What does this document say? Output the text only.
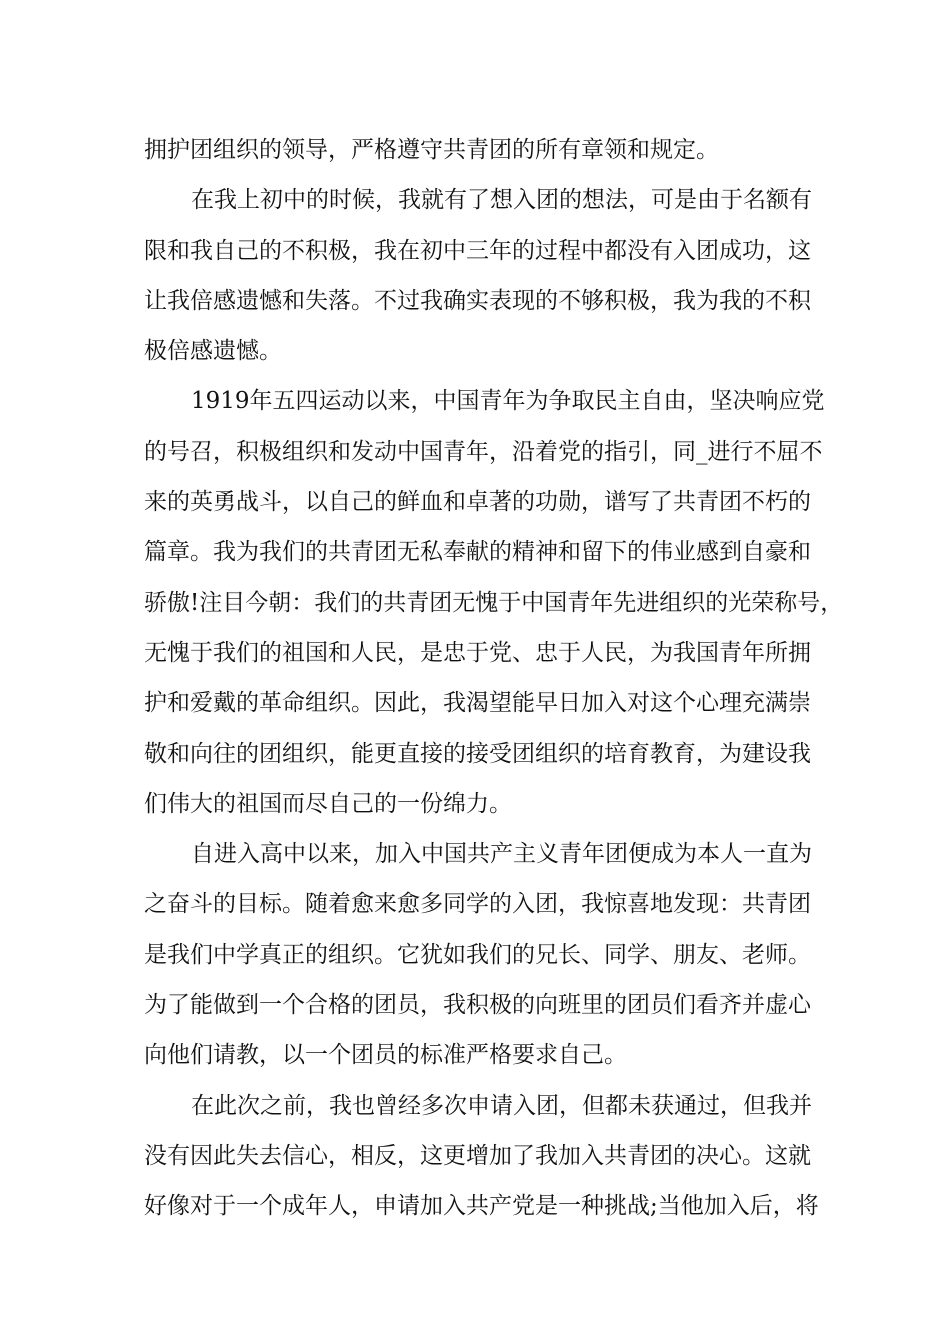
拥护团组织的领导，严格遵守共青团的所有章领和规定。
在我上初中的时候，我就有了想入团的想法，可是由于名额有
限和我自己的不积极，我在初中三年的过程中都没有入团成功，这
让我倍感遗憾和失落。不过我确实表现的不够积极，我为我的不积
极倍感遗憾。
1919年五四运动以来，中国青年为争取民主自由，坚决响应党
的号召，积极组织和发动中国青年，沿着党的指引，同_进行不屈不
来的英勇战斗，以自己的鲜血和卓著的功勋，谱写了共青团不朽的
篇章。我为我们的共青团无私奉献的精神和留下的伟业感到自豪和
骄傲!注目今朝：我们的共青团无愧于中国青年先进组织的光荣称号，
无愧于我们的祖国和人民，是忠于党、忠于人民，为我国青年所拥
护和爱戴的革命组织。因此，我渴望能早日加入对这个心理充满崇
敬和向往的团组织，能更直接的接受团组织的培育教育，为建设我
们伟大的祖国而尽自己的一份绵力。
自进入高中以来，加入中国共产主义青年团便成为本人一直为
之奋斗的目标。随着愈来愈多同学的入团，我惊喜地发现：共青团
是我们中学真正的组织。它犹如我们的兄长、同学、朋友、老师。
为了能做到一个合格的团员，我积极的向班里的团员们看齐并虚心
向他们请教，以一个团员的标准严格要求自己。
在此次之前，我也曾经多次申请入团，但都未获通过，但我并
没有因此失去信心，相反，这更增加了我加入共青团的决心。这就
好像对于一个成年人，申请加入共产党是一种挑战;当他加入后，将
